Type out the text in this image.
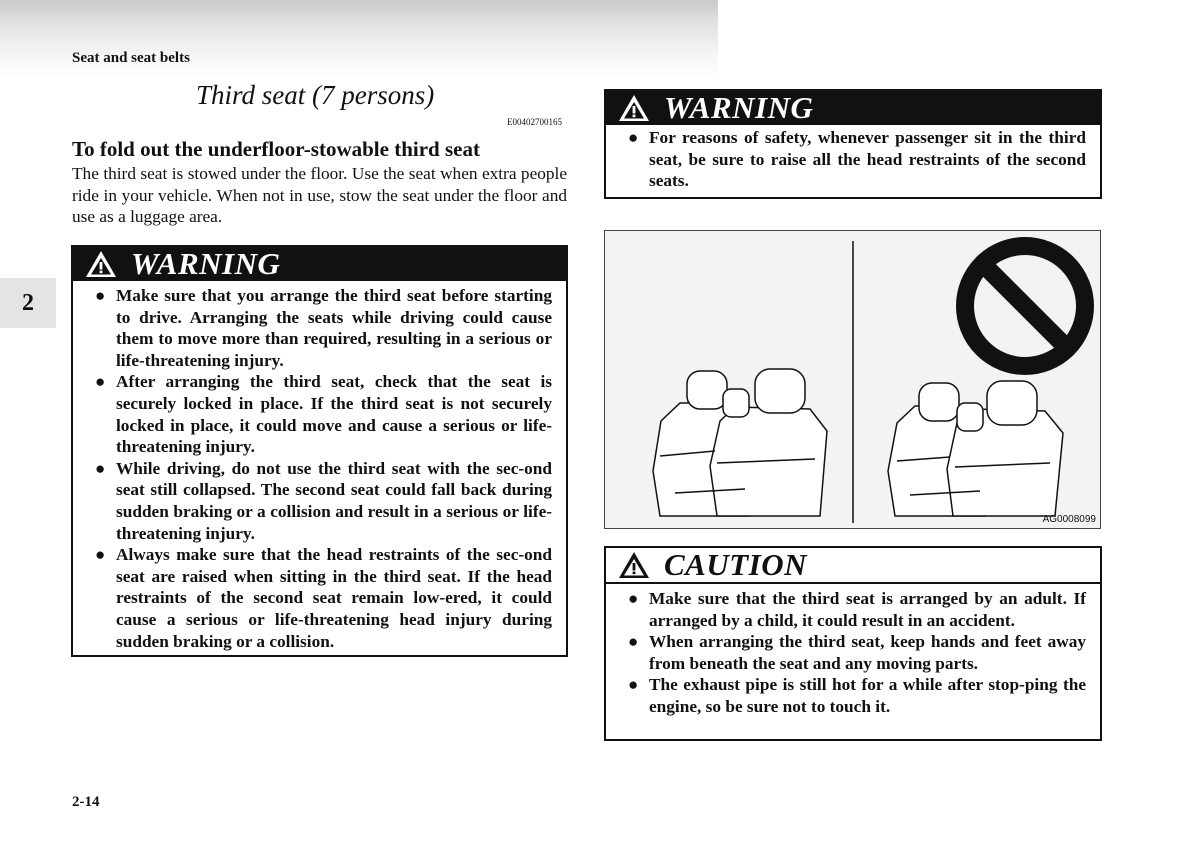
Seat and seat belts
2
Third seat (7 persons)
E00402700165
To fold out the underfloor-stowable third seat

The third seat is stowed under the floor. Use the seat when extra people ride in your vehicle. When not in use, stow the seat under the floor and use as a luggage area.

WARNING
● Make sure that you arrange the third seat before starting to drive. Arranging the seats while driving could cause them to move more than required, resulting in a serious or life-threatening injury.
● After arranging the third seat, check that the seat is securely locked in place. If the third seat is not securely locked in place, it could move and cause a serious or life-threatening injury.
● While driving, do not use the third seat with the sec-ond seat still collapsed. The second seat could fall back during sudden braking or a collision and result in a serious or life-threatening injury.
● Always make sure that the head restraints of the sec-ond seat are raised when sitting in the third seat. If the head restraints of the second seat remain low-ered, it could cause a serious or life-threatening head injury during sudden braking or a collision.
WARNING
● For reasons of safety, whenever passenger sit in the third seat, be sure to raise all the head restraints of the second seats.
AG0008099
CAUTION
● Make sure that the third seat is arranged by an adult. If arranged by a child, it could result in an accident.
● When arranging the third seat, keep hands and feet away from beneath the seat and any moving parts.
● The exhaust pipe is still hot for a while after stop-ping the engine, so be sure not to touch it.
2-14
